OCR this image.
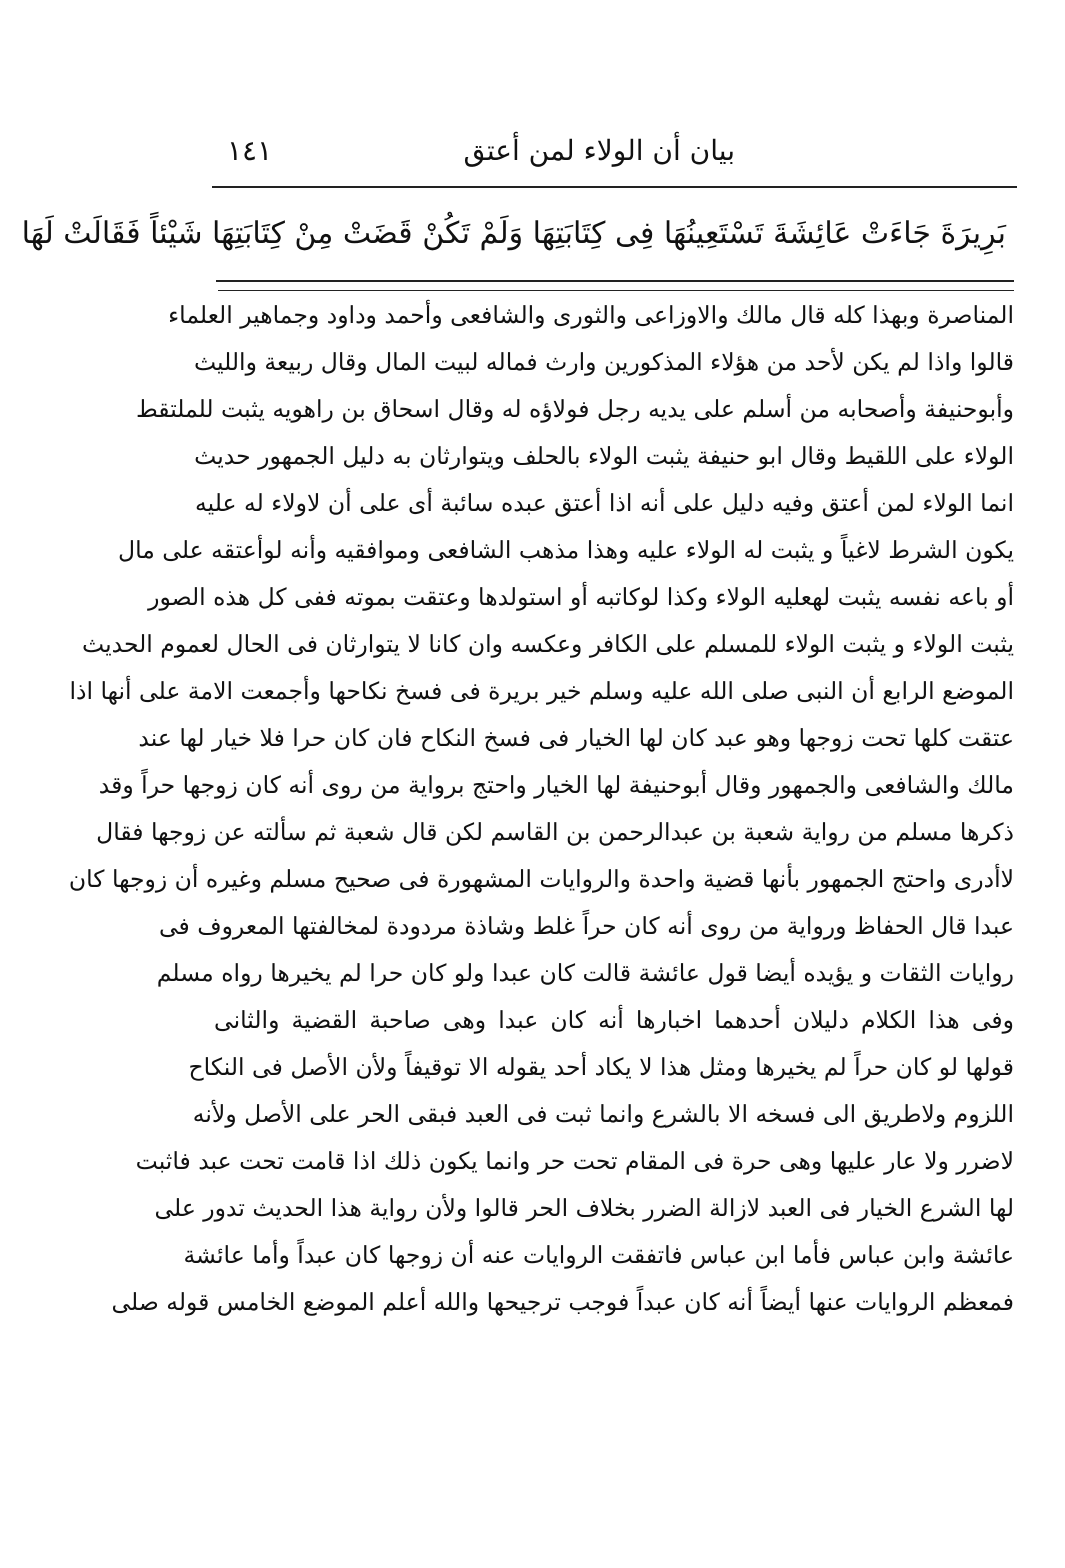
بيان أن الولاء لمن أعتق
١٤١
بَرِيرَةَ جَاءَتْ عَائِشَةَ تَسْتَعِينُهَا فِى كِتَابَتِهَا وَلَمْ تَكُنْ قَضَتْ مِنْ كِتَابَتِهَا شَيْئاً فَقَالَتْ لَهَا
المناصرة وبهذا كله قال مالك والاوزاعى والثورى والشافعى وأحمد وداود وجماهير العلماء
قالوا واذا لم يكن لأحد من هؤلاء المذكورين وارث فماله لبيت المال وقال ربيعة والليث
وأبوحنيفة وأصحابه من أسلم على يديه رجل فولاؤه له وقال اسحاق بن راهويه يثبت للملتقط
الولاء على اللقيط وقال ابو حنيفة يثبت الولاء بالحلف ويتوارثان به دليل الجمهور حديث
انما الولاء لمن أعتق وفيه دليل على أنه اذا أعتق عبده سائبة أى على أن لاولاء له عليه
يكون الشرط لاغياً و يثبت له الولاء عليه وهذا مذهب الشافعى وموافقيه وأنه لوأعتقه على مال
أو باعه نفسه يثبت لهعليه الولاء وكذا لوكاتبه أو استولدها وعتقت بموته ففى كل هذه الصور
يثبت الولاء و يثبت الولاء للمسلم على الكافر وعكسه وان كانا لا يتوارثان فى الحال لعموم الحديث
الموضع الرابع أن النبى صلى الله عليه وسلم خير بريرة فى فسخ نكاحها وأجمعت الامة على أنها اذا
عتقت كلها تحت زوجها وهو عبد كان لها الخيار فى فسخ النكاح فان كان حرا فلا خيار لها عند
مالك والشافعى والجمهور وقال أبوحنيفة لها الخيار واحتج برواية من روى أنه كان زوجها حراً وقد
ذكرها مسلم من رواية شعبة بن عبدالرحمن بن القاسم لكن قال شعبة ثم سألته عن زوجها فقال
لاأدرى واحتج الجمهور بأنها قضية واحدة والروايات المشهورة فى صحيح مسلم وغيره أن زوجها كان
عبدا قال الحفاظ ورواية من روى أنه كان حراً غلط وشاذة مردودة لمخالفتها المعروف فى
روايات الثقات و يؤيده أيضا قول عائشة قالت كان عبدا ولو كان حرا لم يخيرها رواه مسلم
وفى هذا الكلام دليلان أحدهما اخبارها أنه كان عبدا وهى صاحبة القضية والثانى
قولها لو كان حراً لم يخيرها ومثل هذا لا يكاد أحد يقوله الا توقيفاً ولأن الأصل فى النكاح
اللزوم ولاطريق الى فسخه الا بالشرع وانما ثبت فى العبد فبقى الحر على الأصل ولأنه
لاضرر ولا عار عليها وهى حرة فى المقام تحت حر وانما يكون ذلك اذا قامت تحت عبد فاثبت
لها الشرع الخيار فى العبد لازالة الضرر بخلاف الحر قالوا ولأن رواية هذا الحديث تدور على
عائشة وابن عباس فأما ابن عباس فاتفقت الروايات عنه أن زوجها كان عبداً وأما عائشة
فمعظم الروايات عنها أيضاً أنه كان عبداً فوجب ترجيحها والله أعلم الموضع الخامس قوله صلى
